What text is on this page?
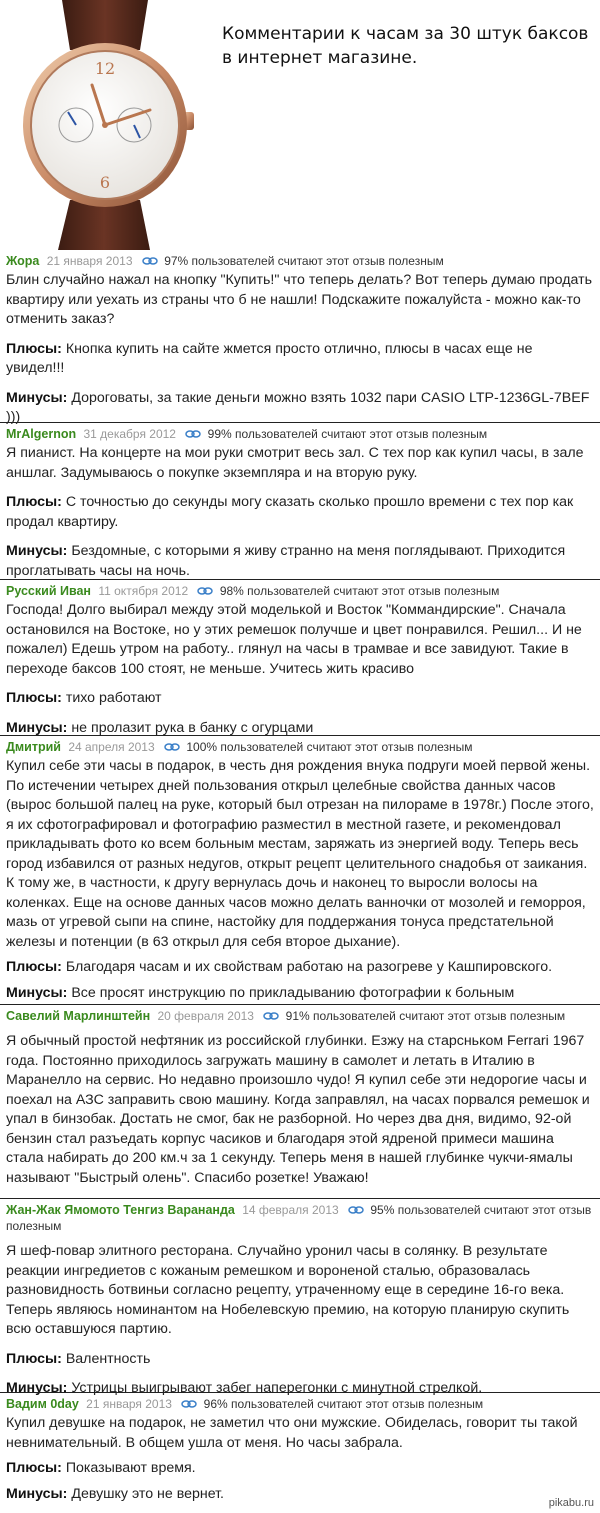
12
6
Комментарии к часам за 30 штук баксов
в интернет магазине.
Жора 21 января 2013	97% пользователей считают этот отзыв полезным
Блин случайно нажал на кнопку "Купить!" что теперь делать? Вот теперь думаю продать квартиру или уехать из страны что б не нашли! Подскажите пожалуйста - можно как-то отменить заказ?
Плюсы: Кнопка купить на сайте жмется просто отлично, плюсы в часах еще не увидел!!!
Минусы: Дороговаты, за такие деньги можно взять 1032 пари CASIO LTP-1236GL-7BEF )))
MrAlgernon 31 декабря 2012	99% пользователей считают этот отзыв полезным
Я пианист. На концерте на мои руки смотрит весь зал. С тех пор как купил часы, в зале аншлаг. Задумываюсь о покупке экземпляра и на вторую руку.
Плюсы: С точностью до секунды могу сказать сколько прошло времени с тех пор как продал квартиру.
Минусы: Бездомные, с которыми я живу странно на меня поглядывают. Приходится проглатывать часы на ночь.
Русский Иван 11 октября 2012	98% пользователей считают этот отзыв полезным
Господа! Долго выбирал между этой моделькой и Восток "Коммандирские". Сначала остановился на Востоке, но у этих ремешок получше и цвет понравился. Решил... И не пожалел) Едешь утром на работу.. глянул на часы в трамвае и все завидуют. Такие в переходе баксов 100 стоят, не меньше. Учитесь жить красиво
Плюсы: тихо работают
Минусы: не пролазит рука в банку с огурцами
Дмитрий 24 апреля 2013	100% пользователей считают этот отзыв полезным
Купил себе эти часы в подарок, в честь дня рождения внука подруги моей первой жены. По истечении четырех дней пользования открыл целебные свойства данных часов (вырос большой палец на руке, который был отрезан на пилораме в 1978г.) После этого, я их сфотографировал и фотографию разместил в местной газете, и рекомендовал прикладывать фото ко всем больным местам, заряжать из энергией воду. Теперь весь город избавился от разных недугов, открыт рецепт целительного снадобья от заикания. К тому же, в частности, к другу вернулась дочь и наконец то выросли волосы на коленках. Еще на основе данных часов можно делать ванночки от мозолей и геморроя, мазь от угревой сыпи на спине, настойку для поддержания тонуса предстательной железы и потенции (в 63 открыл для себя второе дыхание).
Плюсы: Благодаря часам и их свойствам работаю на разогреве у Кашпировского.
Минусы: Все просят инструкцию по прикладыванию фотографии к больным
Савелий Марлинштейн 20 февраля 2013	91% пользователей считают этот отзыв полезным
Я обычный простой нефтяник из российской глубинки. Езжу на старсньком Ferrari 1967 года. Постоянно приходилось загружать машину в самолет и летать в Италию в Маранелло на сервис. Но недавно произошло чудо! Я купил себе эти недорогие часы и поехал на АЗС заправить свою машину. Когда заправлял, на часах порвался ремешок и упал в бинзобак. Достать не смог, бак не разборной. Но через два дня, видимо, 92-ой бензин стал разъедать корпус часиков и благодаря этой ядреной примеси машина стала набирать до 200 км.ч за 1 секунду. Теперь меня в нашей глубинке чукчи-ямалы называют "Быстрый олень". Спасибо розетке! Уважаю!
Жан-Жак Ямомото Тенгиз Варананда 14 февраля 2013	95% пользователей считают этот отзыв полезным
Я шеф-повар элитного ресторана. Случайно уронил часы в солянку. В результате реакции ингредиетов с кожаным ремешком и вороненой сталью, образовалась разновидность ботвиньи согласно рецепту, утраченному еще в середине 16-го века. Теперь являюсь номинантом на Нобелевскую премию, на которую планирую скупить всю оставшуюся партию.
Плюсы: Валентность
Минусы: Устрицы выигрывают забег наперегонки с минутной стрелкой.
Вадим 0day 21 января 2013	96% пользователей считают этот отзыв полезным
Купил девушке на подарок, не заметил что они мужские. Обиделась, говорит ты такой невнимательный. В общем ушла от меня. Но часы забрала.
Плюсы: Показывают время.
Минусы: Девушку это не вернет.
pikabu.ru
